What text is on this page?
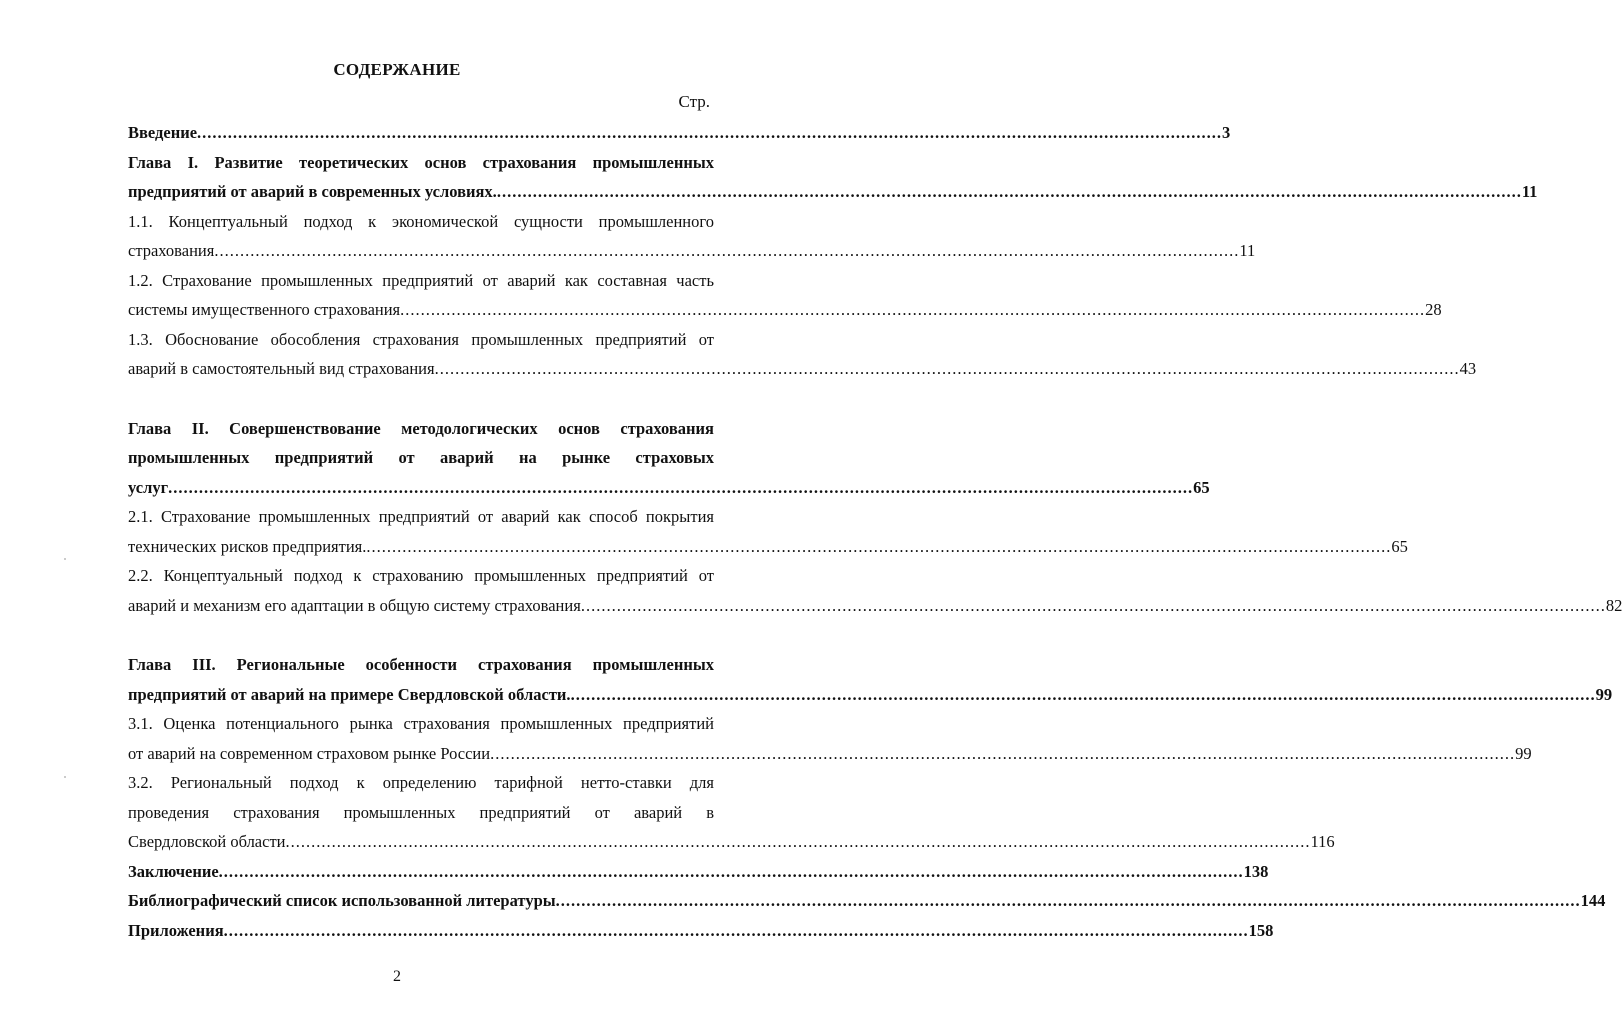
СОДЕРЖАНИЕ
Стр.
Введение ........................................................................................................................................................................................................ 3
Глава I. Развитие теоретических основ страхования промышленных
предприятий от аварий в современных условиях. ........................................................................................................................................................................................................ 11
1.1. Концептуальный подход к экономической сущности промышленного
страхования ........................................................................................................................................................................................................ 11
1.2. Страхование промышленных предприятий от аварий как составная часть
системы имущественного страхования ........................................................................................................................................................................................................ 28
1.3. Обоснование обособления страхования промышленных предприятий от
аварий в самостоятельный вид страхования ........................................................................................................................................................................................................ 43
Глава II. Совершенствование методологических основ страхования
промышленных предприятий от аварий на рынке страховых
услуг ........................................................................................................................................................................................................ 65
2.1. Страхование промышленных предприятий от аварий как способ покрытия
технических рисков предприятия. ........................................................................................................................................................................................................ 65
2.2. Концептуальный подход к страхованию промышленных предприятий от
аварий и механизм его адаптации в общую систему страхования ........................................................................................................................................................................................................ 82
Глава III. Региональные особенности страхования промышленных
предприятий от аварий на примере Свердловской области. ........................................................................................................................................................................................................ 99
3.1. Оценка потенциального рынка страхования промышленных предприятий
от аварий на современном страховом рынке России ........................................................................................................................................................................................................ 99
3.2. Региональный подход к определению тарифной нетто-ставки для
проведения страхования промышленных предприятий от аварий в
Свердловской области ........................................................................................................................................................................................................ 116
Заключение ........................................................................................................................................................................................................ 138
Библиографический список использованной литературы ........................................................................................................................................................................................................ 144
Приложения ........................................................................................................................................................................................................ 158
2
